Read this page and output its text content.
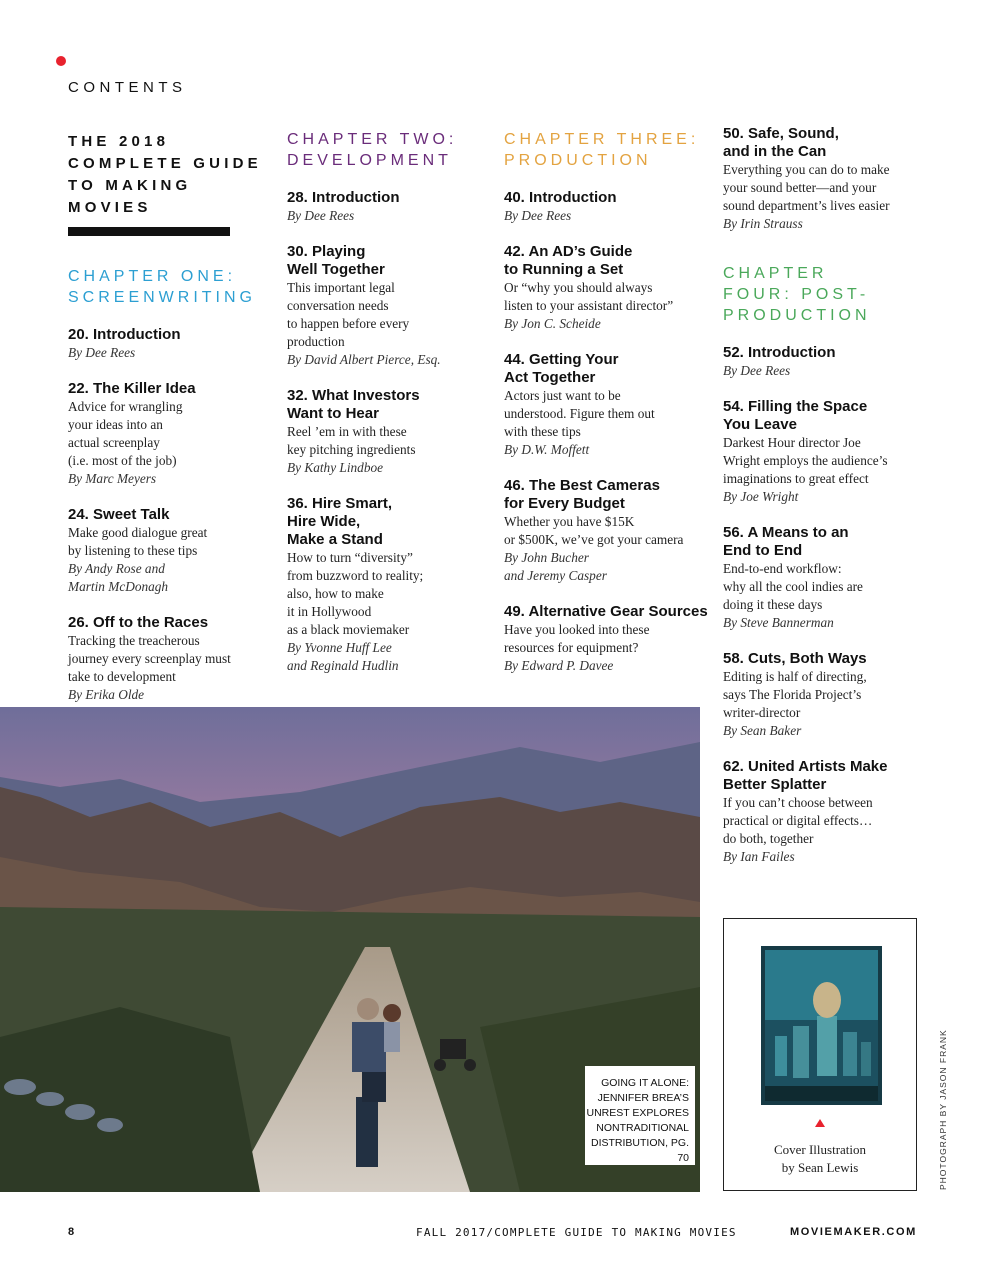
CONTENTS
THE 2018
COMPLETE GUIDE
TO MAKING MOVIES
CHAPTER ONE:
SCREENWRITING
20. Introduction
By Dee Rees
22. The Killer Idea
Advice for wrangling
your ideas into an
actual screenplay
(i.e. most of the job)
By Marc Meyers
24. Sweet Talk
Make good dialogue great
by listening to these tips
By Andy Rose and
Martin McDonagh
26. Off to the Races
Tracking the treacherous
journey every screenplay must
take to development
By Erika Olde
CHAPTER TWO:
DEVELOPMENT
28. Introduction
By Dee Rees
30. Playing
Well Together
This important legal
conversation needs
to happen before every
production
By David Albert Pierce, Esq.
32. What Investors
Want to Hear
Reel ’em in with these
key pitching ingredients
By Kathy Lindboe
36. Hire Smart,
Hire Wide,
Make a Stand
How to turn “diversity”
from buzzword to reality;
also, how to make
it in Hollywood
as a black moviemaker
By Yvonne Huff Lee
and Reginald Hudlin
CHAPTER THREE:
PRODUCTION
40. Introduction
By Dee Rees
42. An AD’s Guide
to Running a Set
Or “why you should always
listen to your assistant director”
By Jon C. Scheide
44. Getting Your
Act Together
Actors just want to be
understood. Figure them out
with these tips
By D.W. Moffett
46. The Best Cameras
for Every Budget
Whether you have $15K
or $500K, we’ve got your camera
By John Bucher
and Jeremy Casper
49. Alternative Gear Sources
Have you looked into these
resources for equipment?
By Edward P. Davee
50. Safe, Sound,
and in the Can
Everything you can do to make
your sound better—and your
sound department’s lives easier
By Irin Strauss
CHAPTER
FOUR: POST-
PRODUCTION
52. Introduction
By Dee Rees
54. Filling the Space
You Leave
Darkest Hour director Joe
Wright employs the audience’s
imaginations to great effect
By Joe Wright
56. A Means to an
End to End
End-to-end workflow:
why all the cool indies are
doing it these days
By Steve Bannerman
58. Cuts, Both Ways
Editing is half of directing,
says The Florida Project’s
writer-director
By Sean Baker
62. United Artists Make
Better Splatter
If you can’t choose between
practical or digital effects…
do both, together
By Ian Failes
GOING IT ALONE:
JENNIFER BREA’S
UNREST EXPLORES
NONTRADITIONAL
DISTRIBUTION, PG. 70
Cover Illustration
by Sean Lewis	PHOTOGRAPH BY JASON FRANK
8	FALL 2017/COMPLETE GUIDE TO MAKING MOVIES	MOVIEMAKER.COM
